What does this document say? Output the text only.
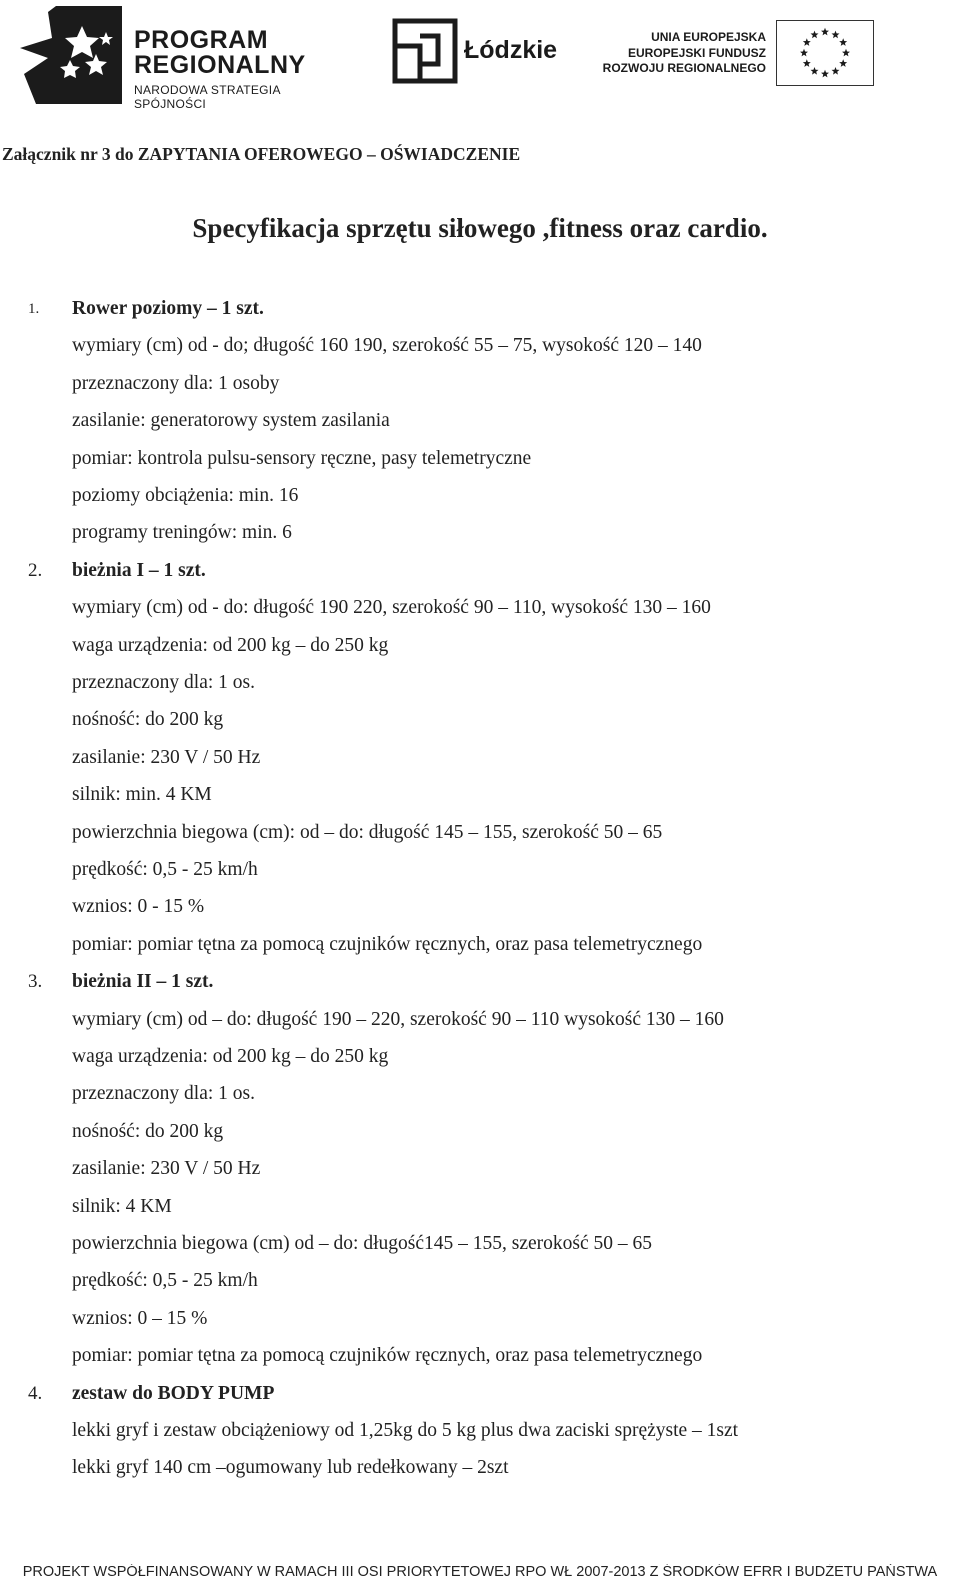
PROGRAM
REGIONALNY
NARODOWA STRATEGIA SPÓJNOŚCI
Łódzkie	UNIA EUROPEJSKA
EUROPEJSKI FUNDUSZ
ROZWOJU REGIONALNEGO
Załącznik nr 3 do ZAPYTANIA OFEROWEGO – OŚWIADCZENIE
Specyfikacja sprzętu siłowego ,fitness oraz cardio.
1. Rower poziomy – 1 szt.
wymiary (cm) od - do; długość 160 190, szerokość 55 – 75, wysokość 120 – 140
przeznaczony dla: 1 osoby
zasilanie: generatorowy system zasilania
pomiar: kontrola pulsu-sensory ręczne, pasy telemetryczne
poziomy obciążenia: min. 16
programy treningów: min. 6
2. bieżnia I – 1 szt.
wymiary (cm) od - do: długość 190 220, szerokość 90 – 110, wysokość 130 – 160
waga urządzenia: od 200 kg – do 250 kg
przeznaczony dla: 1 os.
nośność: do 200 kg
zasilanie: 230 V / 50 Hz
silnik: min. 4 KM
powierzchnia biegowa (cm): od – do: długość 145 – 155, szerokość 50 – 65
prędkość: 0,5 - 25 km/h
wznios: 0 - 15 %
pomiar: pomiar tętna za pomocą czujników ręcznych, oraz pasa telemetrycznego
3. bieżnia II – 1 szt.
wymiary (cm) od – do: długość 190 – 220, szerokość 90 – 110 wysokość 130 – 160
waga urządzenia: od 200 kg – do 250 kg
przeznaczony dla: 1 os.
nośność: do 200 kg
zasilanie: 230 V / 50 Hz
silnik: 4 KM
powierzchnia biegowa (cm) od – do: długość145 – 155, szerokość 50 – 65
prędkość: 0,5 - 25 km/h
wznios: 0 – 15 %
pomiar: pomiar tętna za pomocą czujników ręcznych, oraz pasa telemetrycznego
4. zestaw do BODY PUMP
lekki gryf i zestaw obciążeniowy od 1,25kg do 5 kg plus dwa zaciski sprężyste – 1szt
lekki gryf 140 cm –ogumowany lub redełkowany – 2szt
PROJEKT WSPÓŁFINANSOWANY W RAMACH III OSI PRIORYTETOWEJ RPO WŁ 2007-2013 Z ŚRODKÓW EFRR I BUDŻETU PAŃSTWA
